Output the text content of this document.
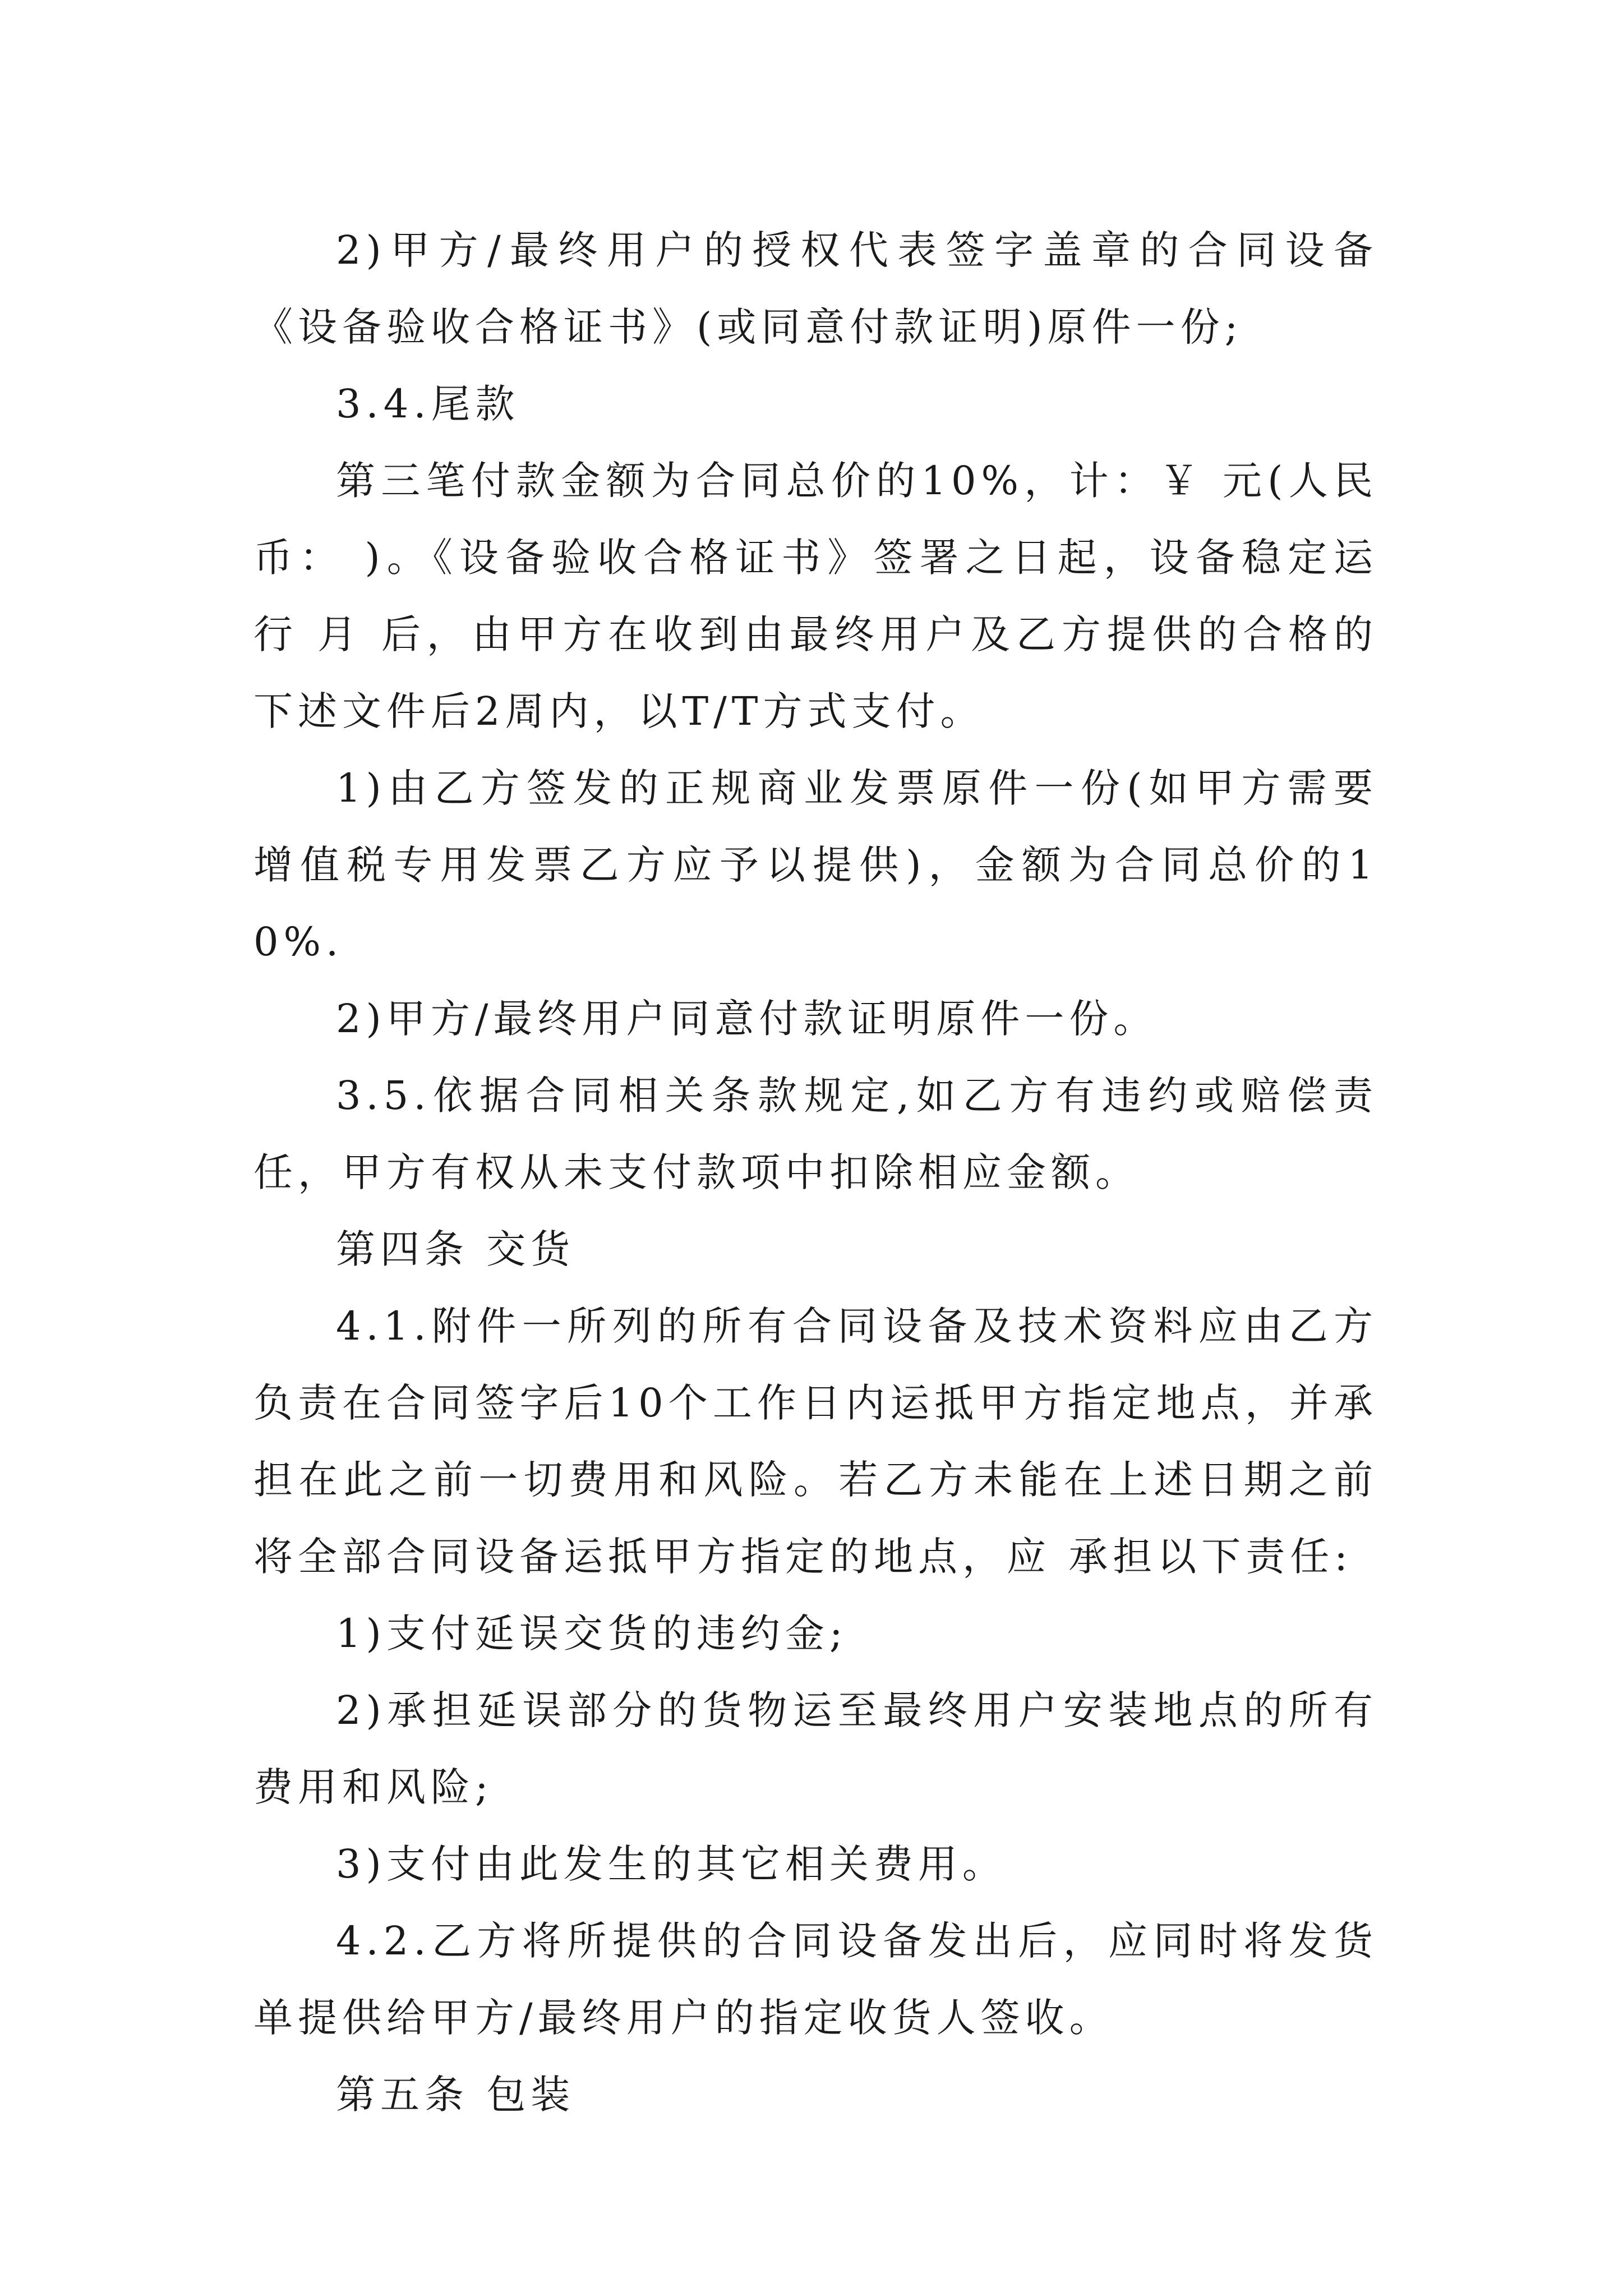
2)甲方/最终用户的授权代表签字盖章的合同设备《设备验收合格证书》(或同意付款证明)原件一份;

3.4.尾款

第三笔付款金额为合同总价的10%，计：￥ 元(人民币： )。《设备验收合格证书》签署之日起，设备稳定运行 月 后，由甲方在收到由最终用户及乙方提供的合格的下述文件后2周内，以T/T方式支付。

1)由乙方签发的正规商业发票原件一份(如甲方需要增值税专用发票乙方应予以提供)，金额为合同总价的10%.

2)甲方/最终用户同意付款证明原件一份。

3.5.依据合同相关条款规定,如乙方有违约或赔偿责任，甲方有权从未支付款项中扣除相应金额。

第四条 交货

4.1.附件一所列的所有合同设备及技术资料应由乙方负责在合同签字后10个工作日内运抵甲方指定地点，并承担在此之前一切费用和风险。若乙方未能在上述日期之前将全部合同设备运抵甲方指定的地点，应 承担以下责任:

1)支付延误交货的违约金;

2)承担延误部分的货物运至最终用户安装地点的所有费用和风险;

3)支付由此发生的其它相关费用。

4.2.乙方将所提供的合同设备发出后，应同时将发货单提供给甲方/最终用户的指定收货人签收。

第五条 包装
